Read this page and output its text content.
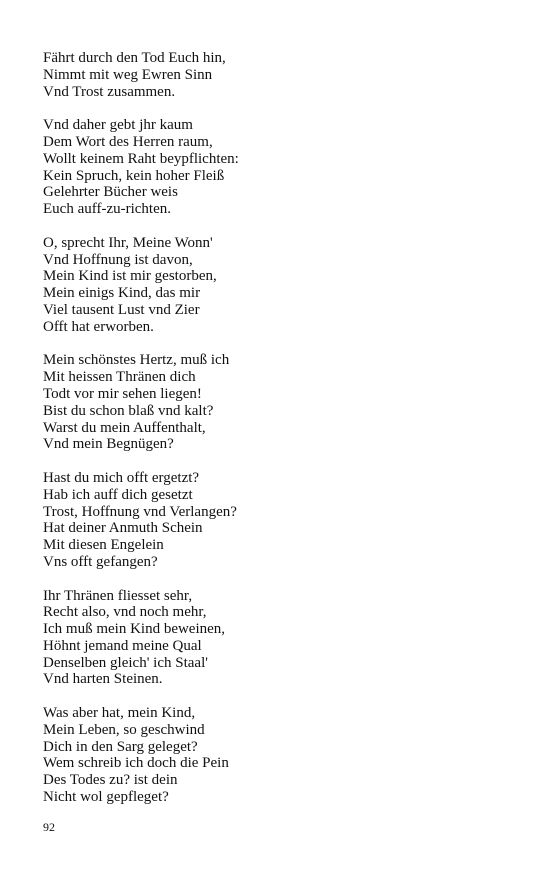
Fährt durch den Tod Euch hin,
Nimmt mit weg Ewren Sinn
Vnd Trost zusammen.
Vnd daher gebt jhr kaum
Dem Wort des Herren raum,
Wollt keinem Raht beypflichten:
Kein Spruch, kein hoher Fleiß
Gelehrter Bücher weis
Euch auff-zu-richten.
O, sprecht Ihr, Meine Wonn'
Vnd Hoffnung ist davon,
Mein Kind ist mir gestorben,
Mein einigs Kind, das mir
Viel tausent Lust vnd Zier
Offt hat erworben.
Mein schönstes Hertz, muß ich
Mit heissen Thränen dich
Todt vor mir sehen liegen!
Bist du schon blaß vnd kalt?
Warst du mein Auffenthalt,
Vnd mein Begnügen?
Hast du mich offt ergetzt?
Hab ich auff dich gesetzt
Trost, Hoffnung vnd Verlangen?
Hat deiner Anmuth Schein
Mit diesen Engelein
Vns offt gefangen?
Ihr Thränen fliesset sehr,
Recht also, vnd noch mehr,
Ich muß mein Kind beweinen,
Höhnt jemand meine Qual
Denselben gleich' ich Staal'
Vnd harten Steinen.
Was aber hat, mein Kind,
Mein Leben, so geschwind
Dich in den Sarg geleget?
Wem schreib ich doch die Pein
Des Todes zu? ist dein
Nicht wol gepfleget?
92
